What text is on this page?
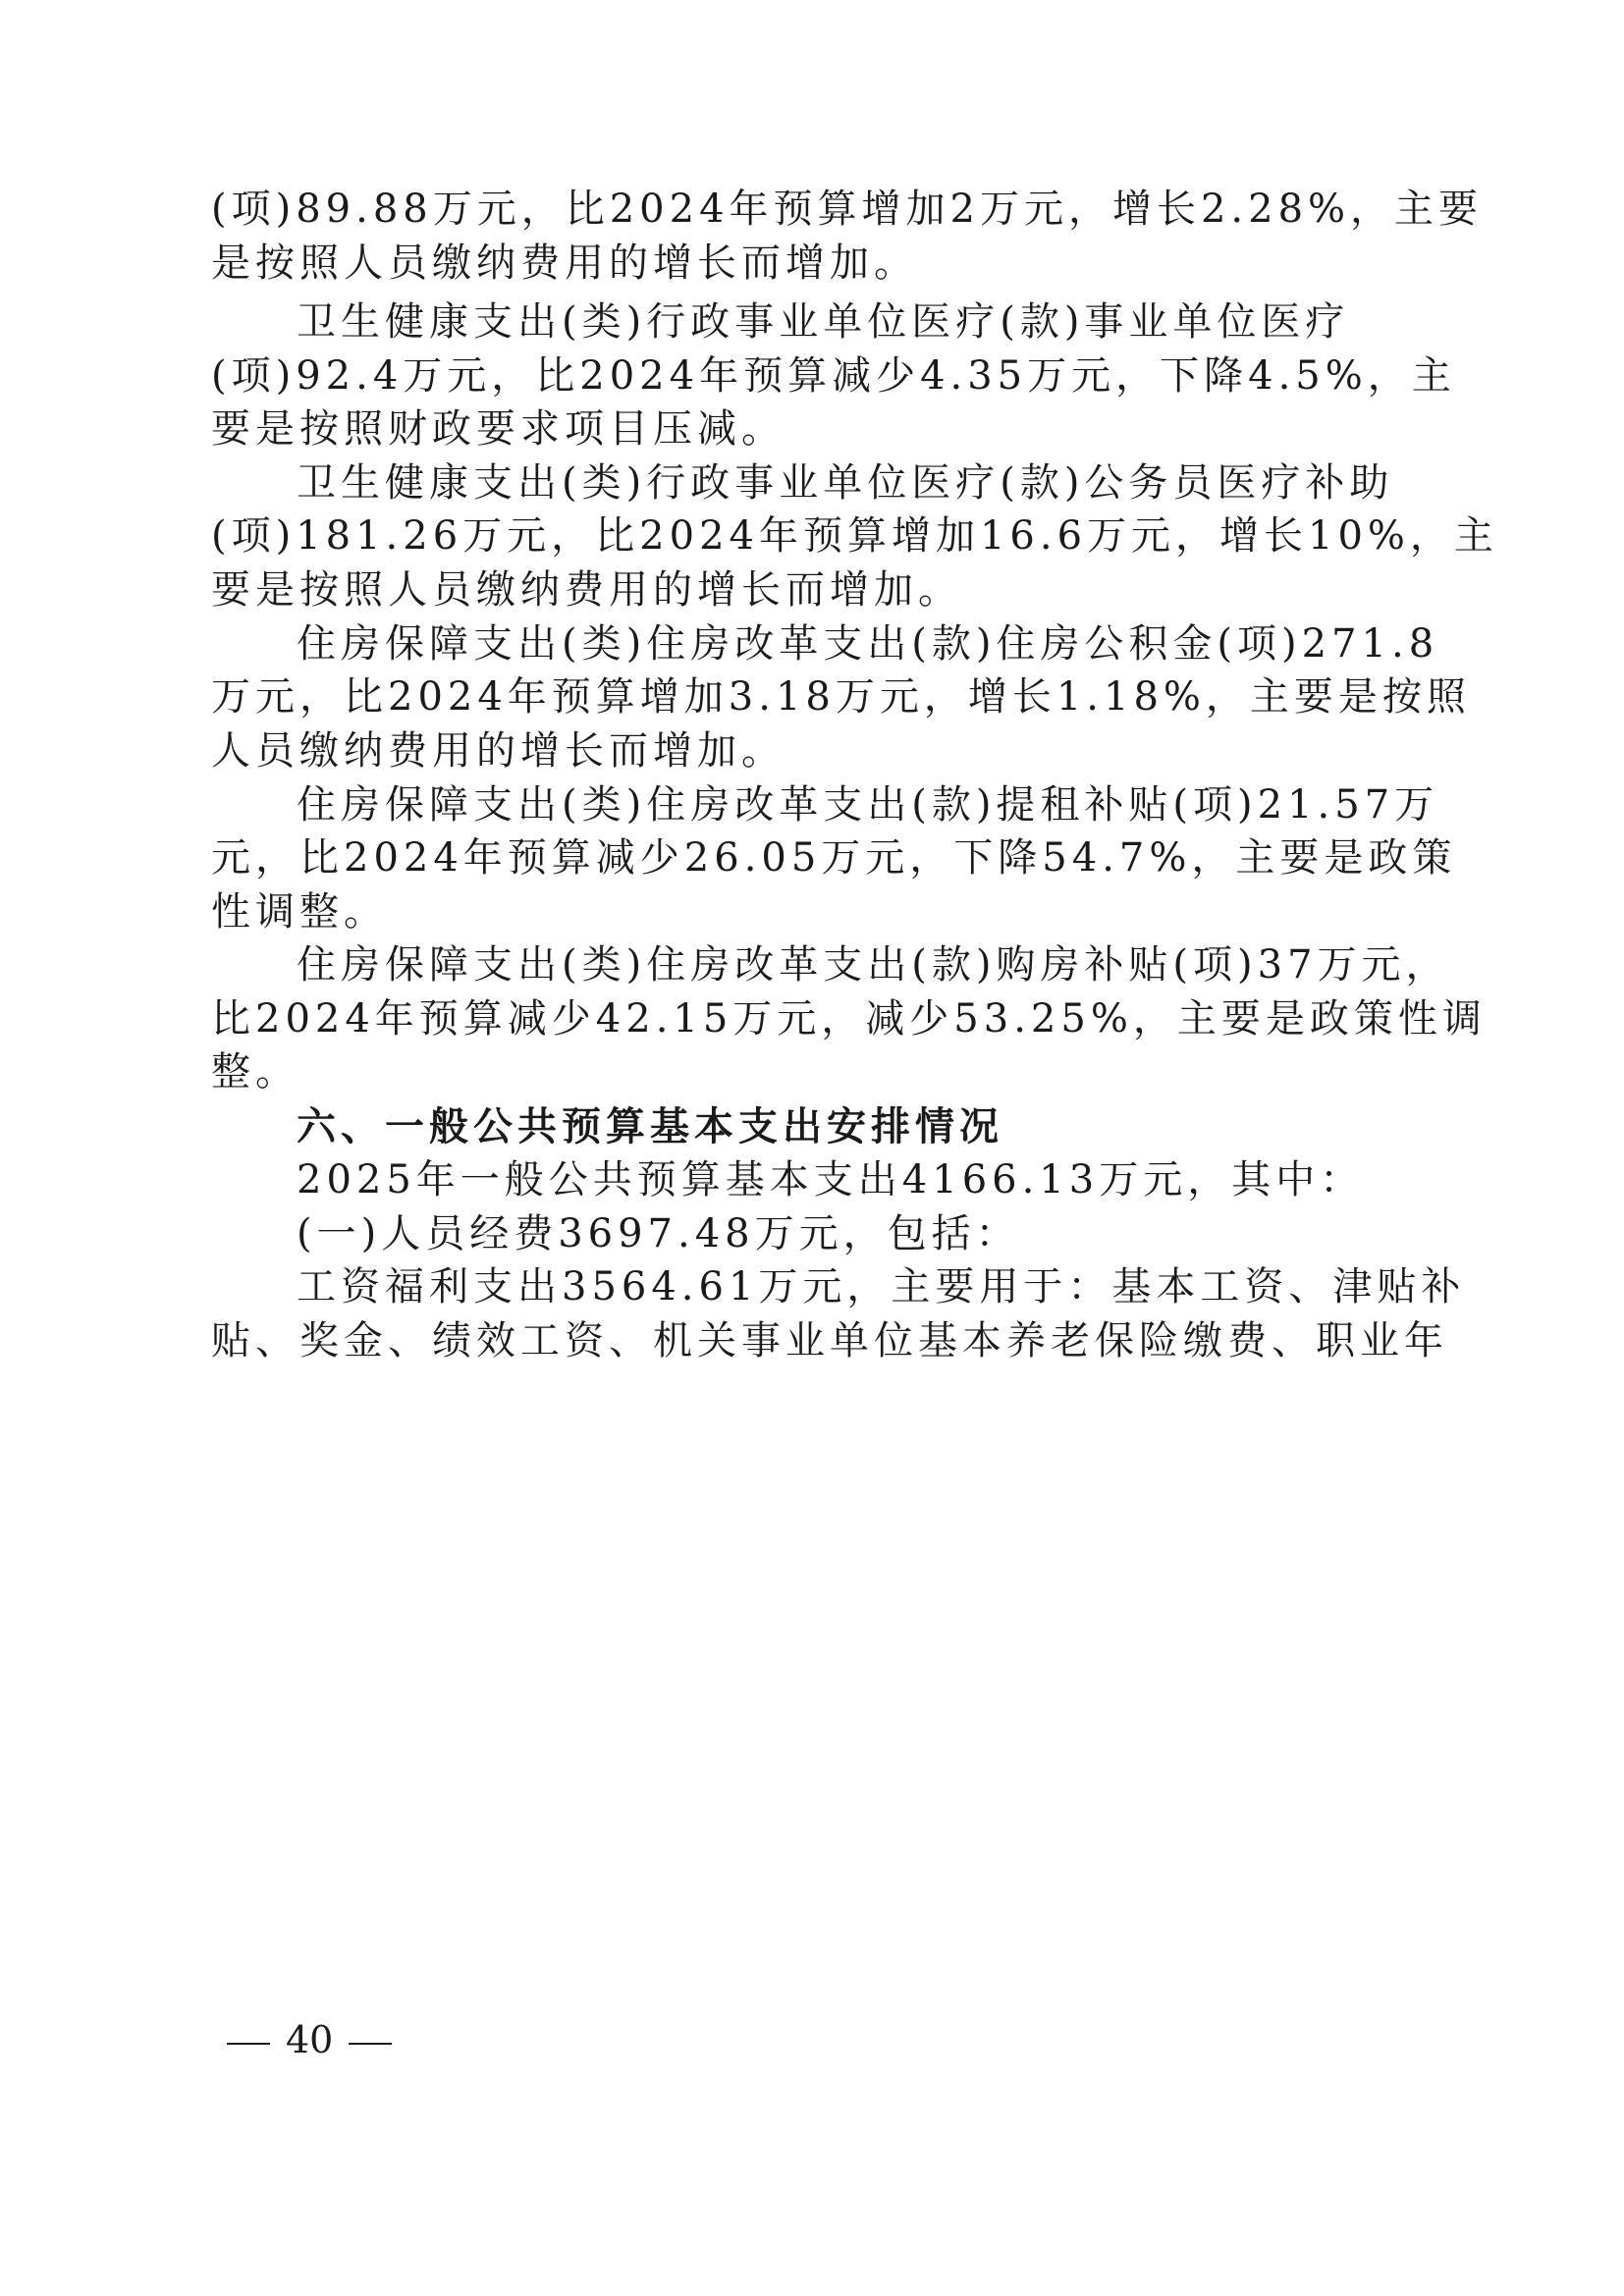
(项)89.88万元，比2024年预算增加2万元，增长2.28%，主要
是按照人员缴纳费用的增长而增加。
卫生健康支出(类)行政事业单位医疗(款)事业单位医疗
(项)92.4万元，比2024年预算减少4.35万元，下降4.5%，主
要是按照财政要求项目压减。
卫生健康支出(类)行政事业单位医疗(款)公务员医疗补助
(项)181.26万元，比2024年预算增加16.6万元，增长10%，主
要是按照人员缴纳费用的增长而增加。
住房保障支出(类)住房改革支出(款)住房公积金(项)271.8
万元，比2024年预算增加3.18万元，增长1.18%，主要是按照
人员缴纳费用的增长而增加。
住房保障支出(类)住房改革支出(款)提租补贴(项)21.57万
元，比2024年预算减少26.05万元，下降54.7%，主要是政策
性调整。
住房保障支出(类)住房改革支出(款)购房补贴(项)37万元，
比2024年预算减少42.15万元，减少53.25%，主要是政策性调
整。
六、一般公共预算基本支出安排情况
2025年一般公共预算基本支出4166.13万元，其中：
(一)人员经费3697.48万元，包括：
工资福利支出3564.61万元，主要用于：基本工资、津贴补
贴、奖金、绩效工资、机关事业单位基本养老保险缴费、职业年
40
